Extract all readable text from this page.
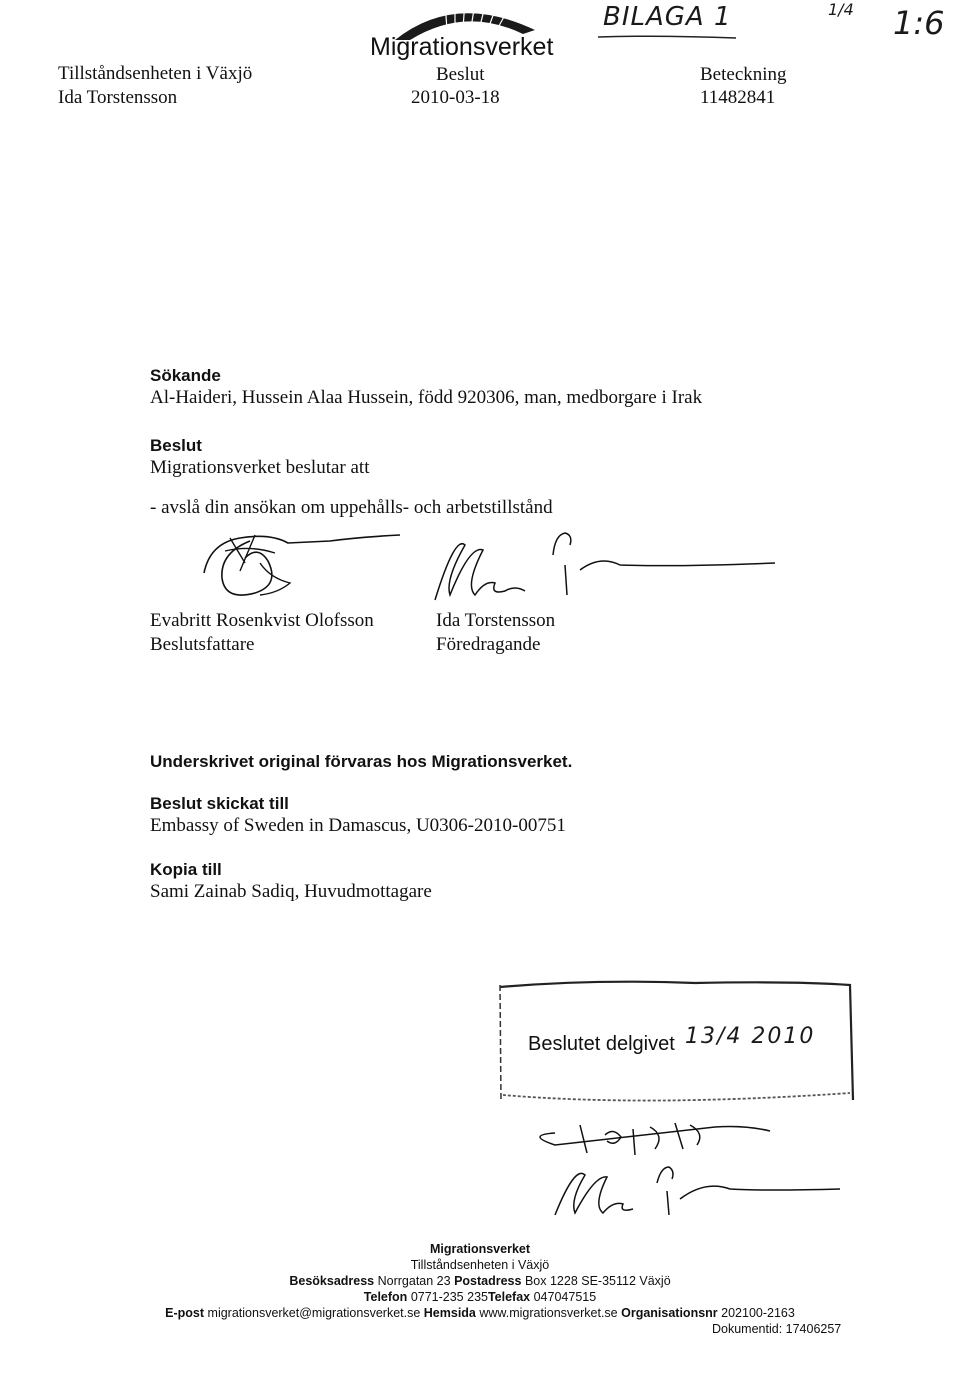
Migrationsverket
BILAGA 1	1/4 1:6
Tillståndsenheten i Växjö
Ida Torstensson
Beslut
2010-03-18
Beteckning
11482841
Sökande
Al-Haideri, Hussein Alaa Hussein, född 920306, man, medborgare i Irak
Beslut
Migrationsverket beslutar att
- avslå din ansökan om uppehålls- och arbetstillstånd
Evabritt Rosenkvist Olofsson
Beslutsfattare
Ida Torstensson
Föredragande
Underskrivet original förvaras hos Migrationsverket.
Beslut skickat till
Embassy of Sweden in Damascus, U0306-2010-00751
Kopia till
Sami Zainab Sadiq, Huvudmottagare
Beslutet delgivet 13/4 2010
Migrationsverket
Tillståndsenheten i Växjö
Besöksadress Norrgatan 23 Postadress Box 1228 SE-35112 Växjö
Telefon 0771-235 235Telefax 047047515
E-post migrationsverket@migrationsverket.se Hemsida www.migrationsverket.se Organisationsnr 202100-2163
Dokumentid: 17406257
